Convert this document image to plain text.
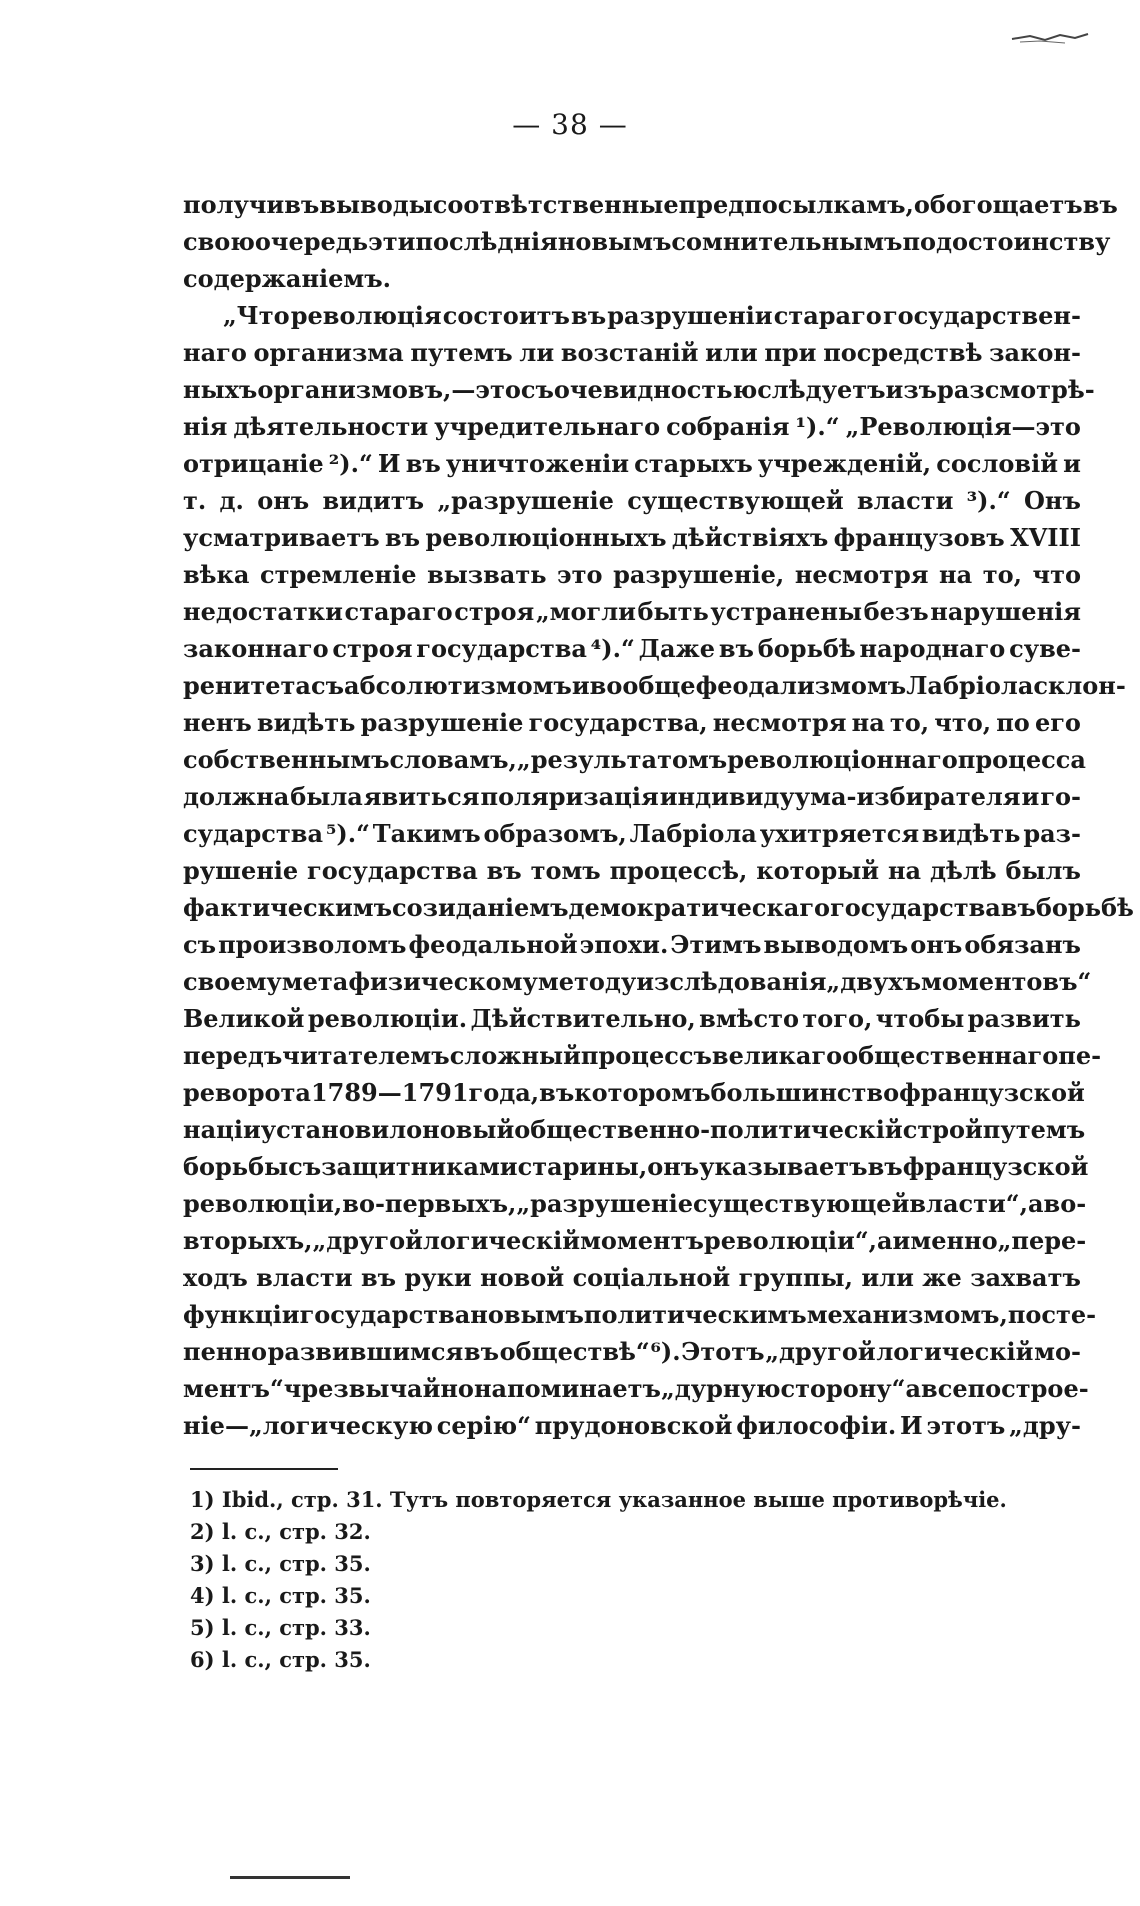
— 38 —
получивъ выводы соотвѣтственные предпосылкамъ, обогощаетъ въ
свою очередь эти послѣднія новымъ сомнительнымъ по достоинству
содержаніемъ.
„Что революція состоитъ въ разрушеніи стараго государствен-
наго организма путемъ ли возстаній или при посредствѣ закон-
ныхъ организмовъ,—это съ очевидностью слѣдуетъ изъ разсмотрѣ-
нія дѣятельности учредительнаго собранія ¹).“ „Революція—это
отрицаніе ²).“ И въ уничтоженіи старыхъ учрежденій, сословій и
т. д. онъ видитъ „разрушеніе существующей власти ³).“ Онъ
усматриваетъ въ революціонныхъ дѣйствіяхъ французовъ XVIII
вѣка стремленіе вызвать это разрушеніе, несмотря на то, что
недостатки стараго строя „могли быть устранены безъ нарушенія
законнаго строя государства ⁴).“ Даже въ борьбѣ народнаго суве-
ренитета съ абсолютизмомъ и вообще феодализмомъ Лабріола склон-
ненъ видѣть разрушеніе государства, несмотря на то, что, по его
собственнымъ словамъ, „результатомъ революціоннаго процесса
должна была явиться поляризація индивидуума-избирателя и го-
сударства ⁵).“ Такимъ образомъ, Лабріола ухитряется видѣть раз-
рушеніе государства въ томъ процессѣ, который на дѣлѣ былъ
фактическимъ созиданіемъ демократическаго государства въ борьбѣ
съ произволомъ феодальной эпохи. Этимъ выводомъ онъ обязанъ
своему метафизическому методу изслѣдованія „двухъ моментовъ“
Великой революціи. Дѣйствительно, вмѣсто того, чтобы развить
передъ читателемъ сложный процессъ великаго общественнаго пе-
реворота 1789—1791 года, въ которомъ большинство французской
націи установило новый общественно-политическій строй путемъ
борьбы съ защитниками старины, онъ указываетъ въ французской
революціи, во-первыхъ, „разрушеніе существующей власти“, а во-
вторыхъ, „другой логическій моментъ революціи“, а именно „пере-
ходъ власти въ руки новой соціальной группы, или же захватъ
функціи государства новымъ политическимъ механизмомъ, посте-
пенно развившимся въ обществѣ“ ⁶). Этотъ „другой логическій мо-
ментъ“ чрезвычайно напоминаетъ „дурную сторону“ а все построе-
ніе—„логическую серію“ прудоновской философіи. И этотъ „дру-
1) Ibid., стр. 31. Тутъ повторяется указанное выше противорѣчіе.
2) l. c., стр. 32.
3) l. c., стр. 35.
4) l. c., стр. 35.
5) l. c., стр. 33.
6) l. c., стр. 35.
